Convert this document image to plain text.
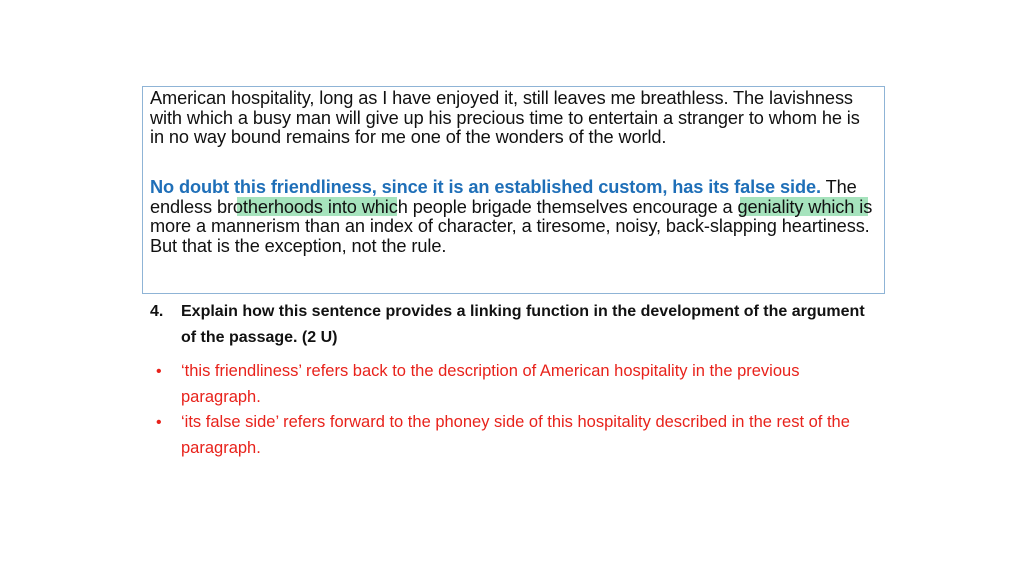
American hospitality, long as I have enjoyed it, still leaves me breathless. The lavishness with which a busy man will give up his precious time to entertain a stranger to whom he is in no way bound remains for me one of the wonders of the world.

No doubt this friendliness, since it is an established custom, has its false side. The endless brotherhoods into which people brigade themselves encourage a geniality which is more a mannerism than an index of character, a tiresome, noisy, back-slapping heartiness. But that is the exception, not the rule.

4. Explain how this sentence provides a linking function in the development of the argument of the passage. (2 U)
• ‘this friendliness’ refers back to the description of American hospitality in the previous paragraph.
• ‘its false side’ refers forward to the phoney side of this hospitality described in the rest of the paragraph.
